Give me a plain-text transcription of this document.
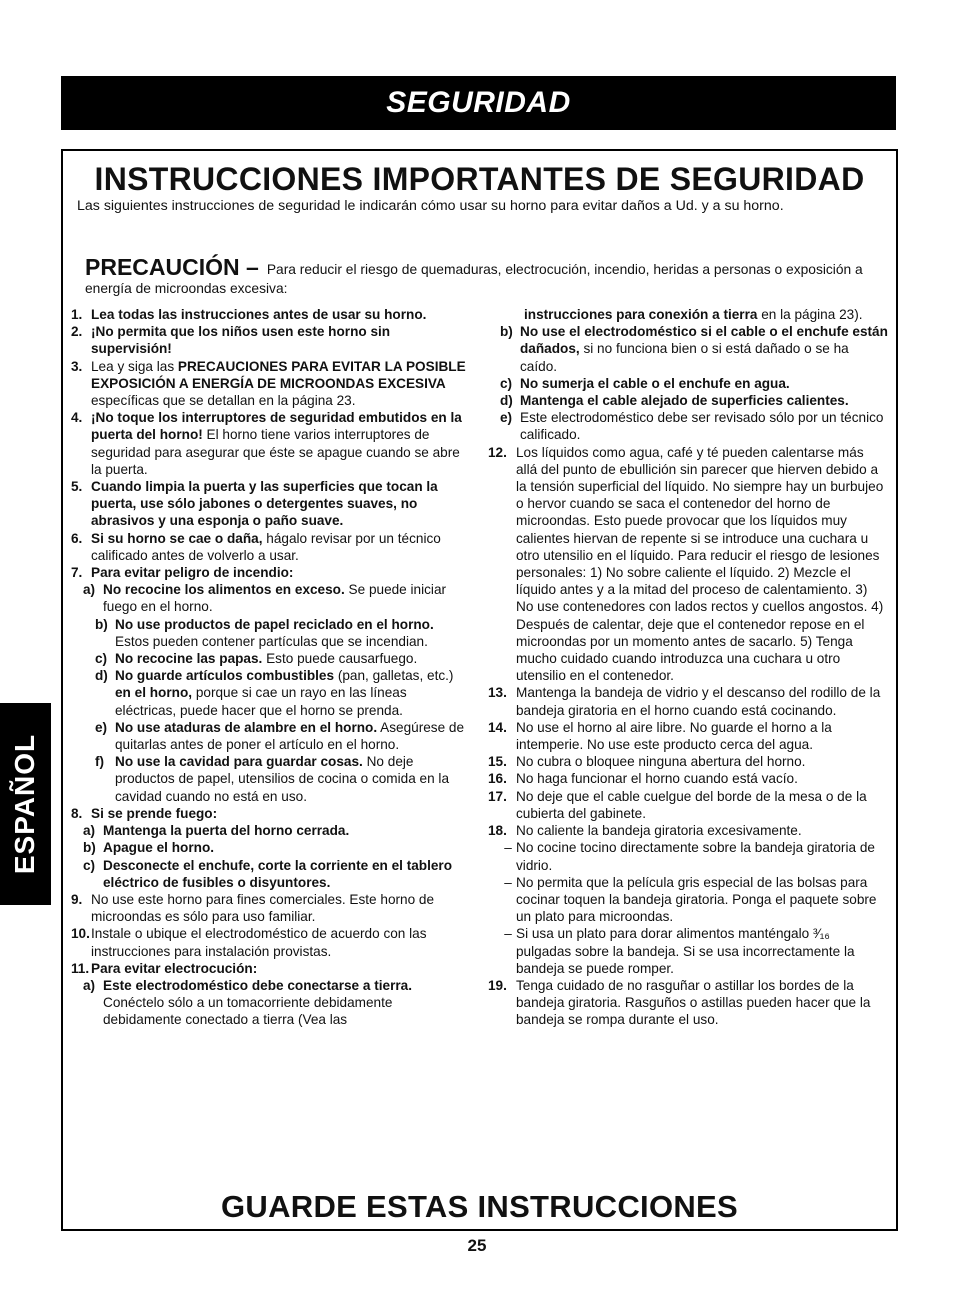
SEGURIDAD
ESPAÑOL
INSTRUCCIONES IMPORTANTES DE SEGURIDAD
Las siguientes instrucciones de seguridad le indicarán cómo usar su horno para evitar daños a Ud. y a su horno.
PRECAUCIÓN – Para reducir el riesgo de quemaduras, electrocución, incendio, heridas a personas o exposición a energía de microondas excesiva:
1. Lea todas las instrucciones antes de usar su horno.
2. ¡No permita que los niños usen este horno sin supervisión!
3. Lea y siga las PRECAUCIONES PARA EVITAR LA POSIBLE EXPOSICIÓN A ENERGÍA DE MICROONDAS EXCESIVA específicas que se detallan en la página 23.
4. ¡No toque los interruptores de seguridad embutidos en la puerta del horno! El horno tiene varios interruptores de seguridad para asegurar que éste se apague cuando se abre la puerta.
5. Cuando limpia la puerta y las superficies que tocan la puerta, use sólo jabones o detergentes suaves, no abrasivos y una esponja o paño suave.
6. Si su horno se cae o daña, hágalo revisar por un técnico calificado antes de volverlo a usar.
7. Para evitar peligro de incendio:
a) No recocine los alimentos en exceso. Se puede iniciar fuego en el horno.
b) No use productos de papel reciclado en el horno. Estos pueden contener partículas que se incendian.
c) No recocine las papas. Esto puede causarfuego.
d) No guarde artículos combustibles (pan, galletas, etc.) en el horno, porque si cae un rayo en las líneas eléctricas, puede hacer que el horno se prenda.
e) No use ataduras de alambre en el horno. Asegúrese de quitarlas antes de poner el artículo en el horno.
f) No use la cavidad para guardar cosas. No deje productos de papel, utensilios de cocina o comida en la cavidad cuando no está en uso.
8. Si se prende fuego:
a) Mantenga la puerta del horno cerrada.
b) Apague el horno.
c) Desconecte el enchufe, corte la corriente en el tablero eléctrico de fusibles o disyuntores.
9. No use este horno para fines comerciales. Este horno de microondas es sólo para uso familiar.
10. Instale o ubique el electrodoméstico de acuerdo con las instrucciones para instalación provistas.
11. Para evitar electrocución:
a) Este electrodoméstico debe conectarse a tierra. Conéctelo sólo a un tomacorriente debidamente debidamente conectado a tierra (Vea las
instrucciones para conexión a tierra en la página 23).
b) No use el electrodoméstico si el cable o el enchufe están dañados, si no funciona bien o si está dañado o se ha caído.
c) No sumerja el cable o el enchufe en agua.
d) Mantenga el cable alejado de superficies calientes.
e) Este electrodoméstico debe ser revisado sólo por un técnico calificado.
12. Los líquidos como agua, café y té pueden calentarse más allá del punto de ebullición sin parecer que hierven debido a la tensión superficial del líquido. No siempre hay un burbujeo o hervor cuando se saca el contenedor del horno de microondas. Esto puede provocar que los líquidos muy calientes hiervan de repente si se introduce una cuchara u otro utensilio en el líquido. Para reducir el riesgo de lesiones personales: 1) No sobre caliente el líquido. 2) Mezcle el líquido antes y a la mitad del proceso de calentamiento. 3) No use contenedores con lados rectos y cuellos angostos. 4) Después de calentar, deje que el contenedor repose en el microondas por un momento antes de sacarlo. 5) Tenga mucho cuidado cuando introduzca una cuchara u otro utensilio en el contenedor.
13. Mantenga la bandeja de vidrio y el descanso del rodillo de la bandeja giratoria en el horno cuando está cocinando.
14. No use el horno al aire libre. No guarde el horno a la intemperie. No use este producto cerca del agua.
15. No cubra o bloquee ninguna abertura del horno.
16. No haga funcionar el horno cuando está vacío.
17. No deje que el cable cuelgue del borde de la mesa o de la cubierta del gabinete.
18. No caliente la bandeja giratoria excesivamente.
– No cocine tocino directamente sobre la bandeja giratoria de vidrio.
– No permita que la película gris especial de las bolsas para cocinar toquen la bandeja giratoria. Ponga el paquete sobre un plato para microondas.
– Si usa un plato para dorar alimentos manténgalo ³⁄₁₆ pulgadas sobre la bandeja. Si se usa incorrectamente la bandeja se puede romper.
19. Tenga cuidado de no rasguñar o astillar los bordes de la bandeja giratoria. Rasguños o astillas pueden hacer que la bandeja se rompa durante el uso.
GUARDE ESTAS INSTRUCCIONES
25
